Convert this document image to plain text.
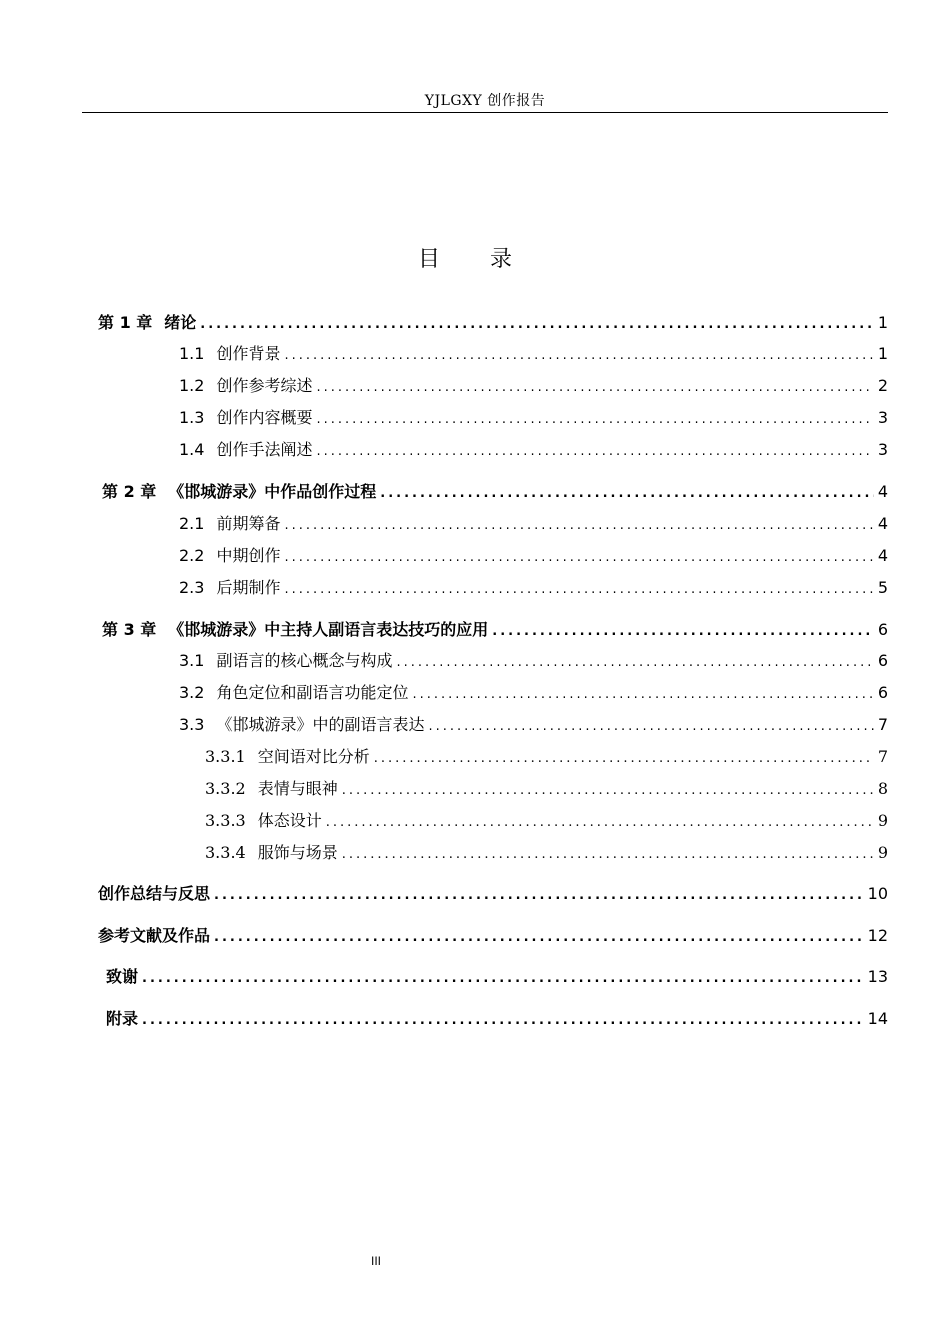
YJLGXY 创作报告
目录
第 1 章 绪论 .....	1
1.1 创作背景 .....	1
1.2 创作参考综述 .....	2
1.3 创作内容概要 .....	3
1.4 创作手法阐述 .....	3
第 2 章 《邯城游录》中作品创作过程 .....	4
2.1 前期筹备 .....	4
2.2 中期创作 .....	4
2.3 后期制作 .....	5
第 3 章 《邯城游录》中主持人副语言表达技巧的应用 .....	6
3.1 副语言的核心概念与构成 .....	6
3.2 角色定位和副语言功能定位 .....	6
3.3 《邯城游录》中的副语言表达 .....	7
3.3.1 空间语对比分析 .....	7
3.3.2 表情与眼神 .....	8
3.3.3 体态设计 .....	9
3.3.4 服饰与场景 .....	9
创作总结与反思 .....	10
参考文献及作品 .....	12
致谢 .....	13
附录 .....	14
III
